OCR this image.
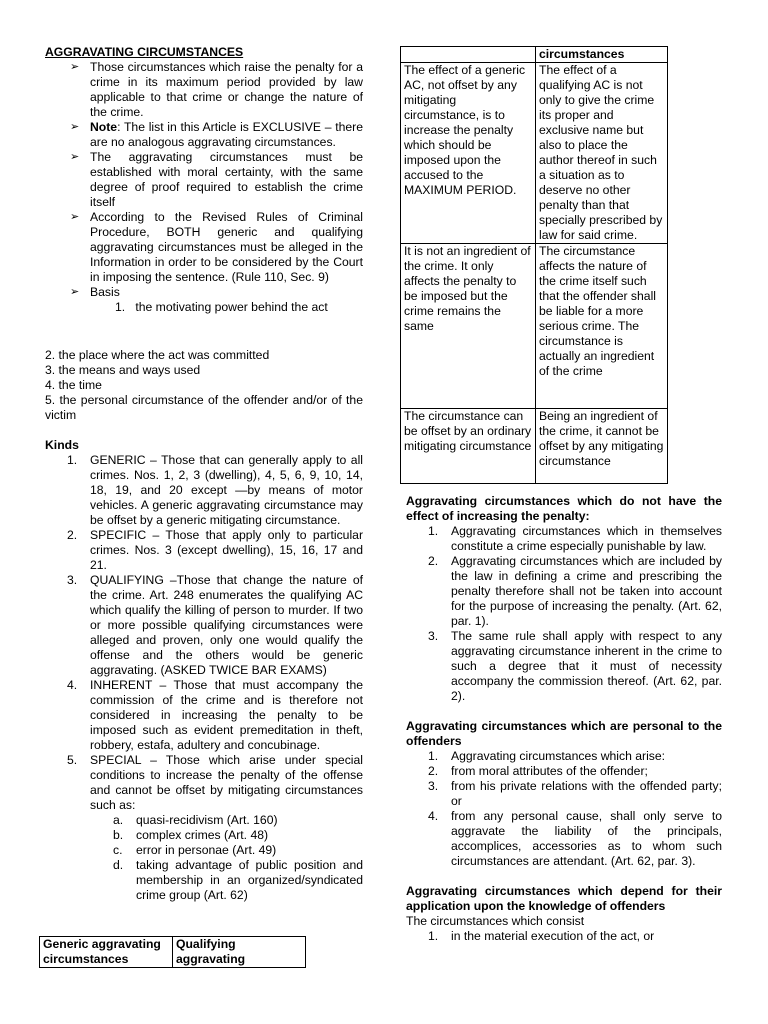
AGGRAVATING CIRCUMSTANCES
➢ Those circumstances which raise the penalty for a crime in its maximum period provided by law applicable to that crime or change the nature of the crime.
➢ Note: The list in this Article is EXCLUSIVE – there are no analogous aggravating circumstances.
➢ The aggravating circumstances must be established with moral certainty, with the same degree of proof required to establish the crime itself
➢ According to the Revised Rules of Criminal Procedure, BOTH generic and qualifying aggravating circumstances must be alleged in the Information in order to be considered by the Court in imposing the sentence. (Rule 110, Sec. 9)
➢ Basis
1. the motivating power behind the act
2. the place where the act was committed
3. the means and ways used
4. the time
5. the personal circumstance of the offender and/or of the victim
Kinds
1. GENERIC – Those that can generally apply to all crimes. Nos. 1, 2, 3 (dwelling), 4, 5, 6, 9, 10, 14, 18, 19, and 20 except —by means of motor vehicles. A generic aggravating circumstance may be offset by a generic mitigating circumstance.
2. SPECIFIC – Those that apply only to particular crimes. Nos. 3 (except dwelling), 15, 16, 17 and 21.
3. QUALIFYING –Those that change the nature of the crime. Art. 248 enumerates the qualifying AC which qualify the killing of person to murder. If two or more possible qualifying circumstances were alleged and proven, only one would qualify the offense and the others would be generic aggravating. (ASKED TWICE BAR EXAMS)
4. INHERENT – Those that must accompany the commission of the crime and is therefore not considered in increasing the penalty to be imposed such as evident premeditation in theft, robbery, estafa, adultery and concubinage.
5. SPECIAL – Those which arise under special conditions to increase the penalty of the offense and cannot be offset by mitigating circumstances such as:
a. quasi-recidivism (Art. 160)
b. complex crimes (Art. 48)
c. error in personae (Art. 49)
d. taking advantage of public position and membership in an organized/syndicated crime group (Art. 62)
Generic aggravating circumstances	Qualifying aggravating
	circumstances
The effect of a generic AC, not offset by any mitigating circumstance, is to increase the penalty which should be imposed upon the accused to the MAXIMUM PERIOD.	The effect of a qualifying AC is not only to give the crime its proper and exclusive name but also to place the author thereof in such a situation as to deserve no other penalty than that specially prescribed by law for said crime.
It is not an ingredient of the crime. It only affects the penalty to be imposed but the crime remains the same	The circumstance affects the nature of the crime itself such that the offender shall be liable for a more serious crime. The circumstance is actually an ingredient of the crime
The circumstance can be offset by an ordinary mitigating circumstance	Being an ingredient of the crime, it cannot be offset by any mitigating circumstance
Aggravating circumstances which do not have the effect of increasing the penalty:
1. Aggravating circumstances which in themselves constitute a crime especially punishable by law.
2. Aggravating circumstances which are included by the law in defining a crime and prescribing the penalty therefore shall not be taken into account for the purpose of increasing the penalty. (Art. 62, par. 1).
3. The same rule shall apply with respect to any aggravating circumstance inherent in the crime to such a degree that it must of necessity accompany the commission thereof. (Art. 62, par. 2).
Aggravating circumstances which are personal to the offenders
1. Aggravating circumstances which arise:
2. from moral attributes of the offender;
3. from his private relations with the offended party; or
4. from any personal cause, shall only serve to aggravate the liability of the principals, accomplices, accessories as to whom such circumstances are attendant. (Art. 62, par. 3).
Aggravating circumstances which depend for their application upon the knowledge of offenders
The circumstances which consist
1. in the material execution of the act, or
